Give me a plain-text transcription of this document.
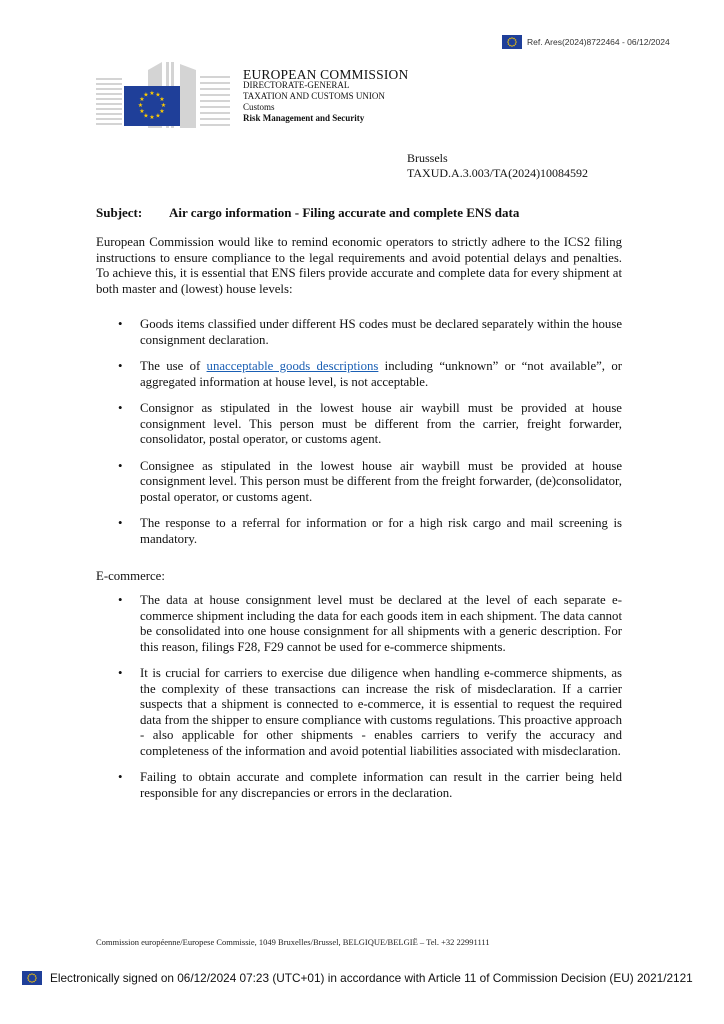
Ref. Ares(2024)8722464 - 06/12/2024
★ ★
★
★
★
★
★
★
★
★
★
★
EUROPEAN COMMISSION
DIRECTORATE-GENERAL
TAXATION AND CUSTOMS UNION
Customs
Risk Management and Security
Brussels
TAXUD.A.3.003/TA(2024)10084592
Subject: Air cargo information - Filing accurate and complete ENS data
European Commission would like to remind economic operators to strictly adhere to the ICS2 filing instructions to ensure compliance to the legal requirements and avoid potential delays and penalties. To achieve this, it is essential that ENS filers provide accurate and complete data for every shipment at both master and (lowest) house levels:
• Goods items classified under different HS codes must be declared separately within the house consignment declaration.
• The use of unacceptable goods descriptions including “unknown” or “not available”, or aggregated information at house level, is not acceptable.
• Consignor as stipulated in the lowest house air waybill must be provided at house consignment level. This person must be different from the carrier, freight forwarder, consolidator, postal operator, or customs agent.
• Consignee as stipulated in the lowest house air waybill must be provided at house consignment level. This person must be different from the freight forwarder, (de)consolidator, postal operator, or customs agent.
• The response to a referral for information or for a high risk cargo and mail screening is mandatory.
E-commerce:
• The data at house consignment level must be declared at the level of each separate e-commerce shipment including the data for each goods item in each shipment. The data cannot be consolidated into one house consignment for all shipments with a generic description. For this reason, filings F28, F29 cannot be used for e-commerce shipments.
• It is crucial for carriers to exercise due diligence when handling e-commerce shipments, as the complexity of these transactions can increase the risk of misdeclaration. If a carrier suspects that a shipment is connected to e-commerce, it is essential to request the required data from the shipper to ensure compliance with customs regulations. This proactive approach - also applicable for other shipments - enables carriers to verify the accuracy and completeness of the information and avoid potential liabilities associated with misdeclaration.
• Failing to obtain accurate and complete information can result in the carrier being held responsible for any discrepancies or errors in the declaration.
Commission européenne/Europese Commissie, 1049 Bruxelles/Brussel, BELGIQUE/BELGIË – Tel. +32 22991111
Electronically signed on 06/12/2024 07:23 (UTC+01) in accordance with Article 11 of Commission Decision (EU) 2021/2121
